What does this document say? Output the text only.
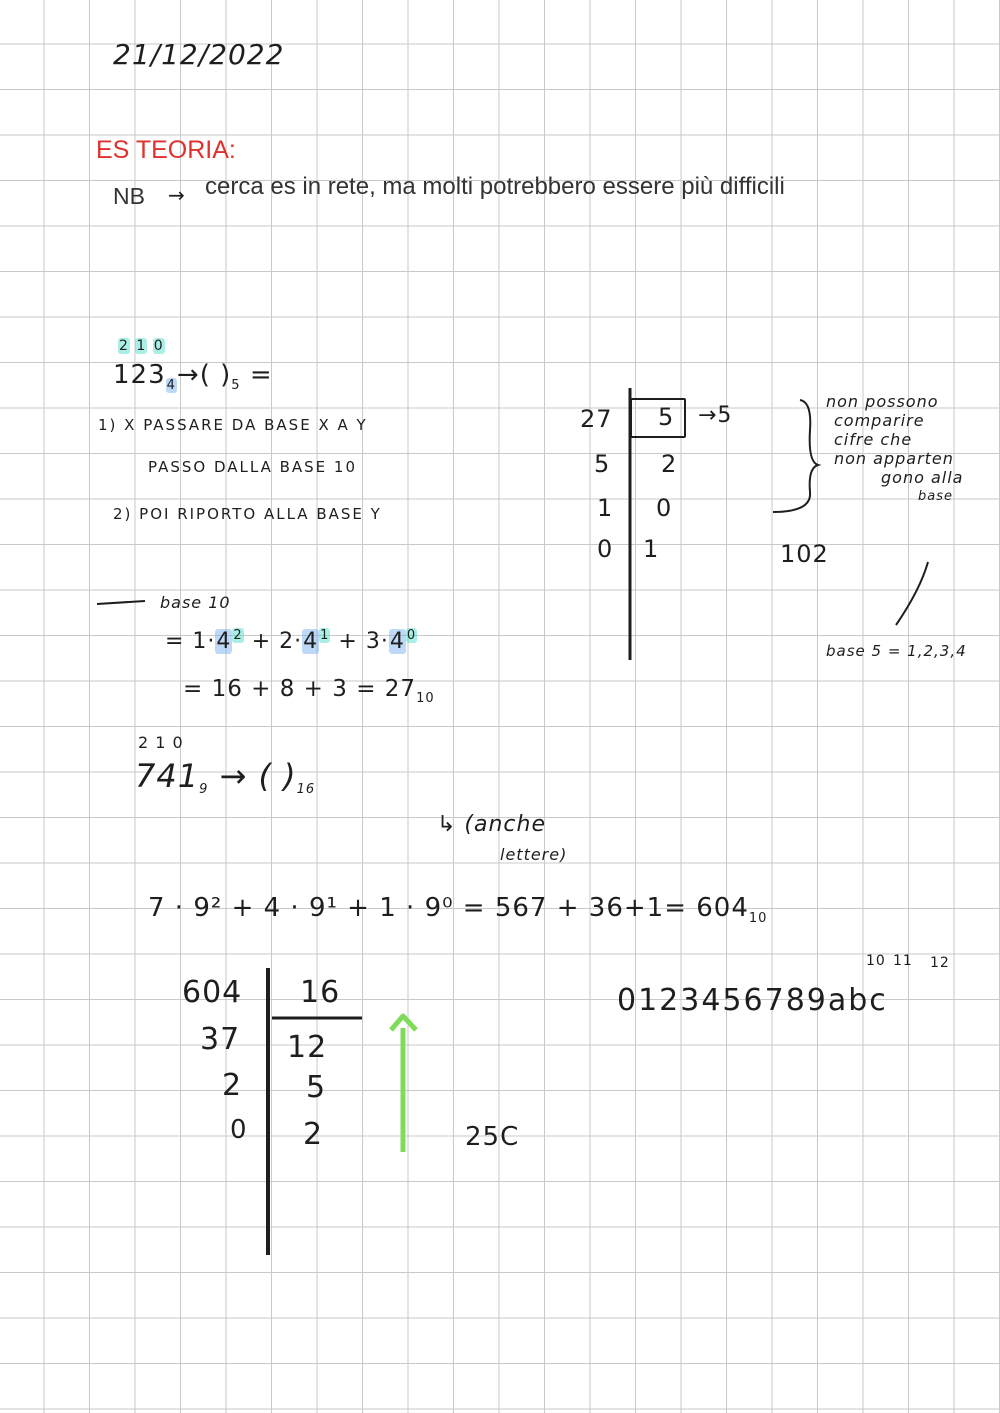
21/12/2022
ES TEORIA:
NB → cerca es in rete, ma molti potrebbero essere più difficili
2 1 0
$123_4\to$( )$_5$ =
1) X PASSARE DA BASE X A Y
PASSO DALLA BASE 10
2) POI RIPORTO ALLA BASE Y
base 10
= 1·4 $^2$ + 2·4 $^1$ + 3·4 $^0$
= $16 + 8 + 3 = 27_{10}$
27
5
1
0
5
2
0
1
→5
102
non possono
comparire
cifre che
non apparten
gono alla
base
base 5 = 1,2,3,4
2 1 0
$741_9$ → ( )$_{16}$
↳ (anche
lettere)
$7 \cdot 9^2 + 4 \cdot 9^1 + 1 \cdot 9^0 = 567 + 36+1= 604_{10}$
10 11 12
0123456789abc
604
37
2
0
16
12
5
2	25C
